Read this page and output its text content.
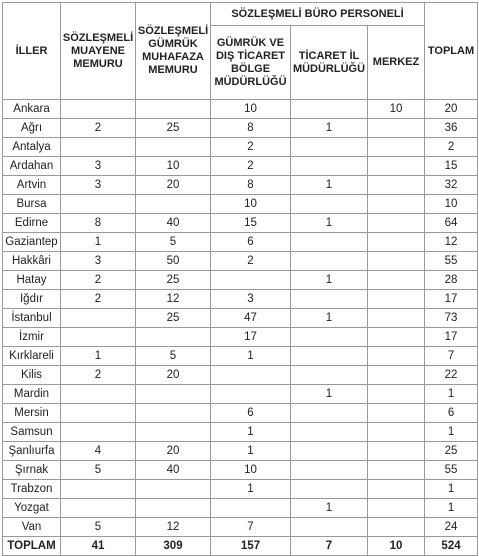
İLLER	SÖZLEŞMELİ MUAYENE MEMURU	SÖZLEŞMELİ GÜMRÜK MUHAFAZA MEMURU	SÖZLEŞMELİ BÜRO PERSONELİ			TOPLAM
			GÜMRÜK VE DIŞ TİCARET BÖLGE MÜDÜRLÜĞÜ	TİCARET İL MÜDÜRLÜĞÜ	MERKEZ	
Ankara			10		10	20
Ağrı	2	25	8	1		36
Antalya			2			2
Ardahan	3	10	2			15
Artvin	3	20	8	1		32
Bursa			10			10
Edirne	8	40	15	1		64
Gaziantep	1	5	6			12
Hakkâri	3	50	2			55
Hatay	2	25		1		28
Iğdır	2	12	3			17
İstanbul		25	47	1		73
İzmir			17			17
Kırklareli	1	5	1			7
Kilis	2	20				22
Mardin				1		1
Mersin			6			6
Samsun			1			1
Şanlıurfa	4	20	1			25
Şırnak	5	40	10			55
Trabzon			1			1
Yozgat				1		1
Van	5	12	7			24
TOPLAM	41	309	157	7	10	524
